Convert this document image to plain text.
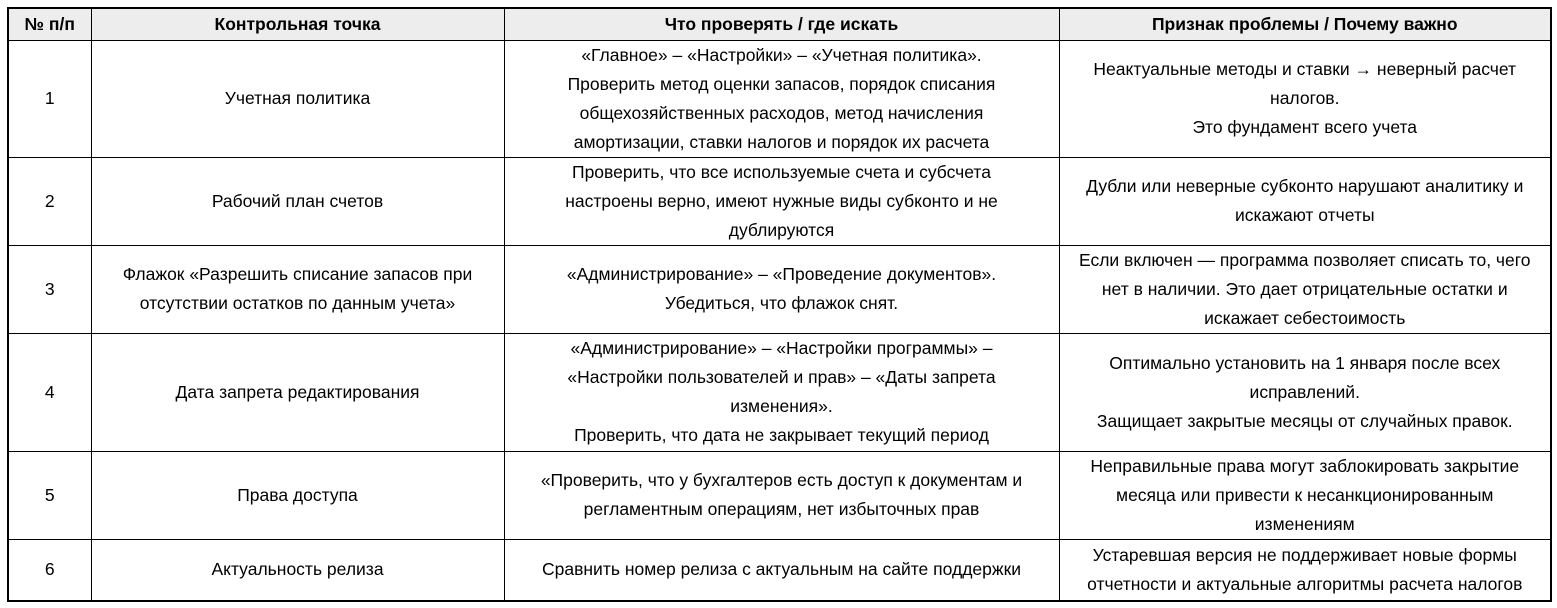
№ п/п	Контрольная точка	Что проверять / где искать	Признак проблемы / Почему важно
1	Учетная политика	«Главное» – «Настройки» – «Учетная политика».
Проверить метод оценки запасов, порядок списания
общехозяйственных расходов, метод начисления
амортизации, ставки налогов и порядок их расчета	Неактуальные методы и ставки → неверный расчет
налогов.
Это фундамент всего учета

2	Рабочий план счетов	Проверить, что все используемые счета и субсчета
настроены верно, имеют нужные виды субконто и не
дублируются	Дубли или неверные субконто нарушают аналитику и
искажают отчеты

3	Флажок «Разрешить списание запасов при
отсутствии остатков по данным учета»	«Администрирование» – «Проведение документов».
Убедиться, что флажок снят.	Если включен — программа позволяет списать то, чего
нет в наличии. Это дает отрицательные остатки и
искажает себестоимость

4	Дата запрета редактирования	«Администрирование» – «Настройки программы» –
«Настройки пользователей и прав» – «Даты запрета
изменения».
Проверить, что дата не закрывает текущий период	Оптимально установить на 1 января после всех
исправлений.
Защищает закрытые месяцы от случайных правок.

5	Права доступа	«Проверить, что у бухгалтеров есть доступ к документам и
регламентным операциям, нет избыточных прав	Неправильные права могут заблокировать закрытие
месяца или привести к несанкционированным
изменениям

6	Актуальность релиза	Сравнить номер релиза с актуальным на сайте поддержки	Устаревшая версия не поддерживает новые формы
отчетности и актуальные алгоритмы расчета налогов
